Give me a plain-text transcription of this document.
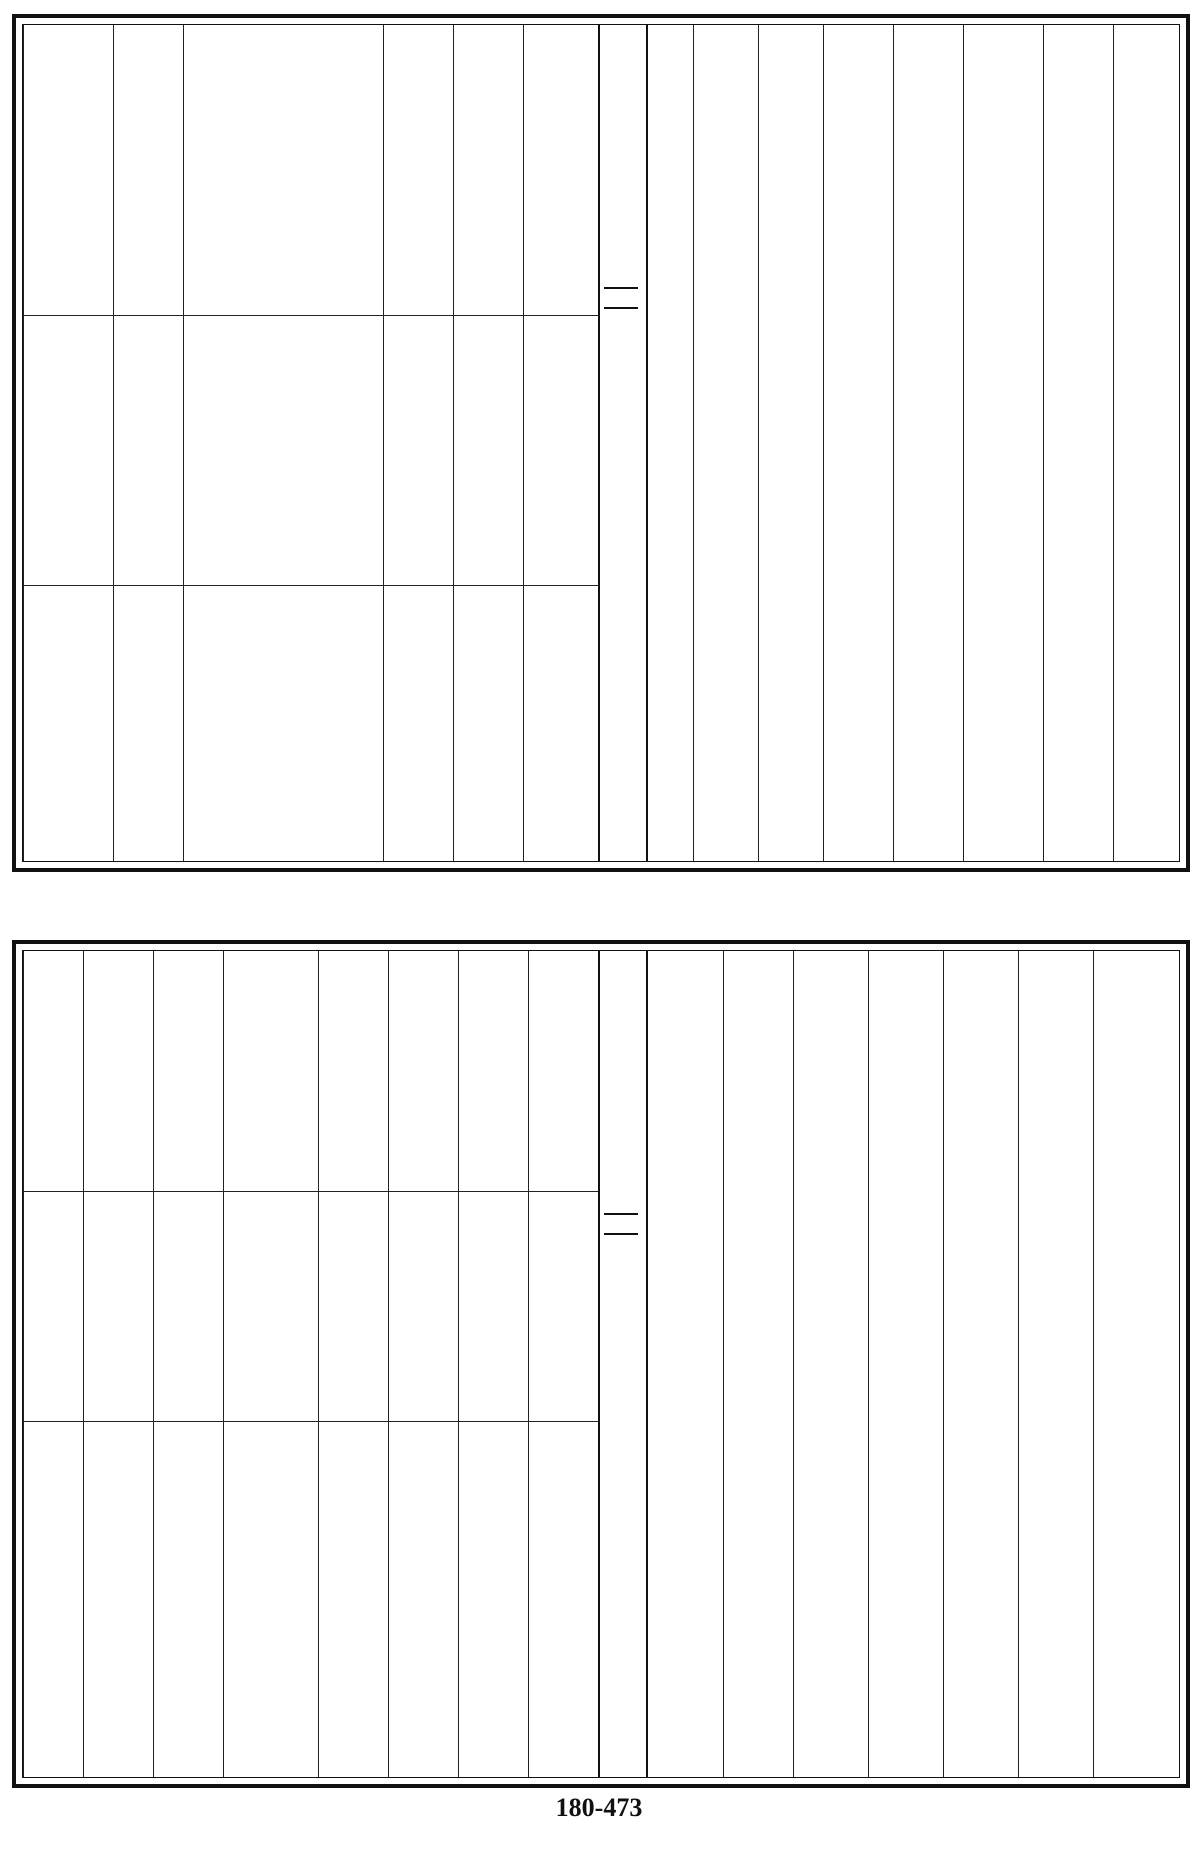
180-473
